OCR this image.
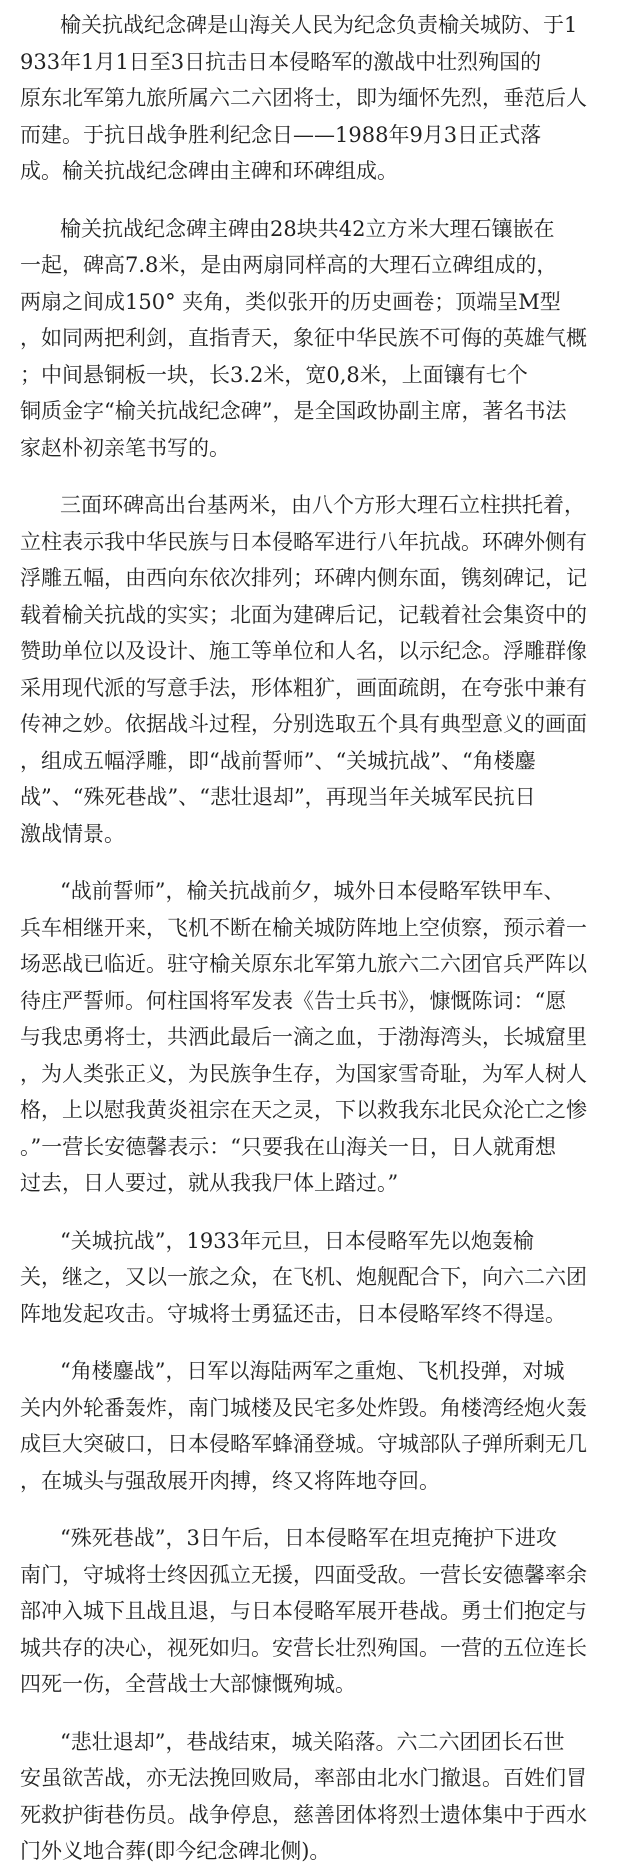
榆关抗战纪念碑是山海关人民为纪念负责榆关城防、于1
933年1月1日至3日抗击日本侵略军的激战中壮烈殉国的
原东北军第九旅所属六二六团将士，即为缅怀先烈，垂范后人
而建。于抗日战争胜利纪念日——1988年9月3日正式落
成。榆关抗战纪念碑由主碑和环碑组成。

榆关抗战纪念碑主碑由28块共42立方米大理石镶嵌在
一起，碑高7.8米，是由两扇同样高的大理石立碑组成的，
两扇之间成150° 夹角，类似张开的历史画卷；顶端呈M型
，如同两把利剑，直指青天，象征中华民族不可侮的英雄气概
；中间悬铜板一块，长3.2米，宽0,8米，上面镶有七个
铜质金字“榆关抗战纪念碑”，是全国政协副主席，著名书法
家赵朴初亲笔书写的。

三面环碑高出台基两米，由八个方形大理石立柱拱托着，
立柱表示我中华民族与日本侵略军进行八年抗战。环碑外侧有
浮雕五幅，由西向东依次排列；环碑内侧东面，镌刻碑记，记
载着榆关抗战的实实；北面为建碑后记，记载着社会集资中的
赞助单位以及设计、施工等单位和人名，以示纪念。浮雕群像
采用现代派的写意手法，形体粗犷，画面疏朗，在夸张中兼有
传神之妙。依据战斗过程，分别选取五个具有典型意义的画面
，组成五幅浮雕，即“战前誓师”、“关城抗战”、“角楼鏖
战”、“殊死巷战”、“悲壮退却”，再现当年关城军民抗日
激战情景。

“战前誓师”，榆关抗战前夕，城外日本侵略军铁甲车、
兵车相继开来，飞机不断在榆关城防阵地上空侦察，预示着一
场恶战已临近。驻守榆关原东北军第九旅六二六团官兵严阵以
待庄严誓师。何柱国将军发表《告士兵书》，慷慨陈词：“愿
与我忠勇将士，共洒此最后一滴之血，于渤海湾头，长城窟里
，为人类张正义，为民族争生存，为国家雪奇耻，为军人树人
格，上以慰我黄炎祖宗在天之灵，下以救我东北民众沦亡之惨
。”一营长安德馨表示：“只要我在山海关一日，日人就甭想
过去，日人要过，就从我我尸体上踏过。”

“关城抗战”，1933年元旦，日本侵略军先以炮轰榆
关，继之，又以一旅之众，在飞机、炮舰配合下，向六二六团
阵地发起攻击。守城将士勇猛还击，日本侵略军终不得逞。

“角楼鏖战”，日军以海陆两军之重炮、飞机投弹，对城
关内外轮番轰炸，南门城楼及民宅多处炸毁。角楼湾经炮火轰
成巨大突破口，日本侵略军蜂涌登城。守城部队子弹所剩无几
，在城头与强敌展开肉搏，终又将阵地夺回。

“殊死巷战”，3日午后，日本侵略军在坦克掩护下进攻
南门，守城将士终因孤立无援，四面受敌。一营长安德馨率余
部冲入城下且战且退，与日本侵略军展开巷战。勇士们抱定与
城共存的决心，视死如归。安营长壮烈殉国。一营的五位连长
四死一伤，全营战士大部慷慨殉城。

“悲壮退却”，巷战结束，城关陷落。六二六团团长石世
安虽欲苦战，亦无法挽回败局，率部由北水门撤退。百姓们冒
死救护街巷伤员。战争停息，慈善团体将烈士遗体集中于西水
门外义地合葬(即今纪念碑北侧)。
